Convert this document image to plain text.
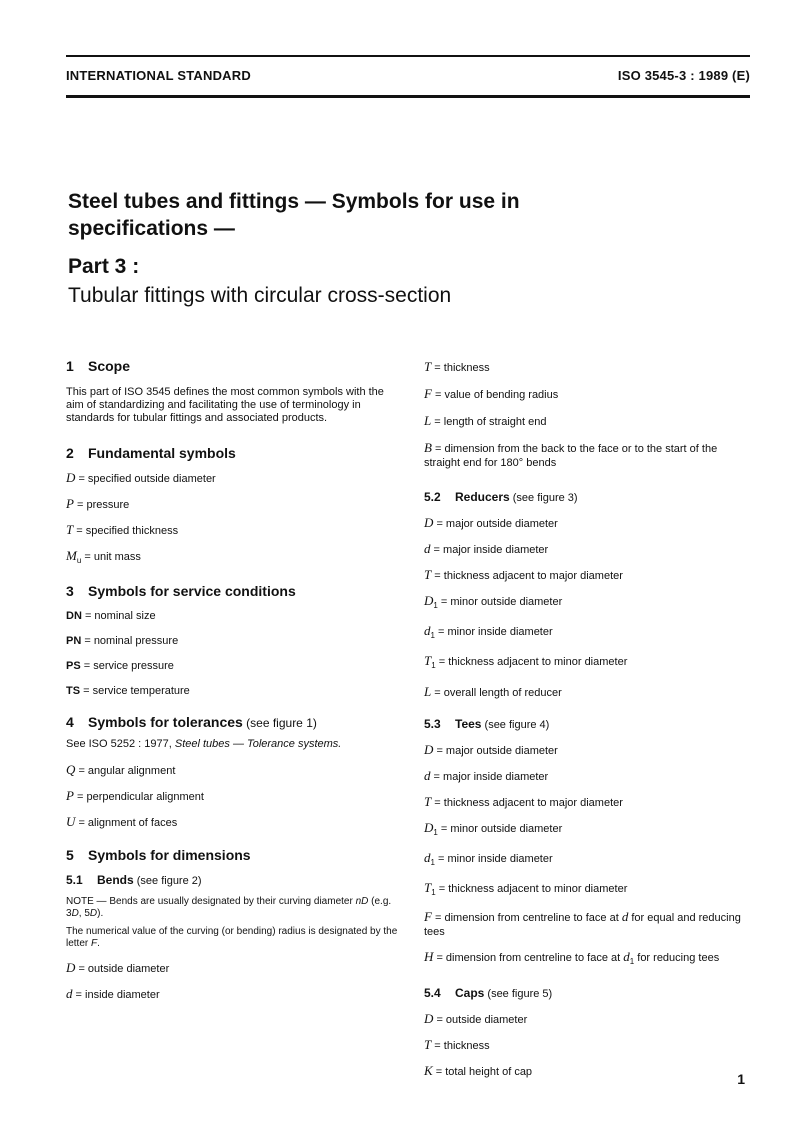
INTERNATIONAL STANDARD	ISO 3545-3 : 1989 (E)
Steel tubes and fittings — Symbols for use in
specifications —
Part 3 :
Tubular fittings with circular cross-section
1 Scope

This part of ISO 3545 defines the most common symbols with the aim of standardizing and facilitating the use of terminology in standards for tubular fittings and associated products.

2 Fundamental symbols

D = specified outside diameter

P = pressure

T = specified thickness

$M_u$ = unit mass

3 Symbols for service conditions

DN = nominal size

PN = nominal pressure

PS = service pressure

TS = service temperature

4 Symbols for tolerances (see figure 1)

See ISO 5252 : 1977, Steel tubes — Tolerance systems.

Q = angular alignment

P = perpendicular alignment

U = alignment of faces

5 Symbols for dimensions
5.1 Bends (see figure 2)

NOTE — Bends are usually designated by their curving diameter nD (e.g. 3D, 5D).

The numerical value of the curving (or bending) radius is designated by the letter F.

D = outside diameter

d = inside diameter

T = thickness

F = value of bending radius

L = length of straight end

B = dimension from the back to the face or to the start of the straight end for 180° bends

5.2 Reducers (see figure 3)

D = major outside diameter

d = major inside diameter

T = thickness adjacent to major diameter

$D_1$ = minor outside diameter

$d_1$ = minor inside diameter

$T_1$ = thickness adjacent to minor diameter

L = overall length of reducer

5.3 Tees (see figure 4)

D = major outside diameter

d = major inside diameter

T = thickness adjacent to major diameter

$D_1$ = minor outside diameter

$d_1$ = minor inside diameter

$T_1$ = thickness adjacent to minor diameter

F = dimension from centreline to face at d for equal and reducing tees

H = dimension from centreline to face at $d_1$ for reducing tees

5.4 Caps (see figure 5)

D = outside diameter

T = thickness

K = total height of cap	1
